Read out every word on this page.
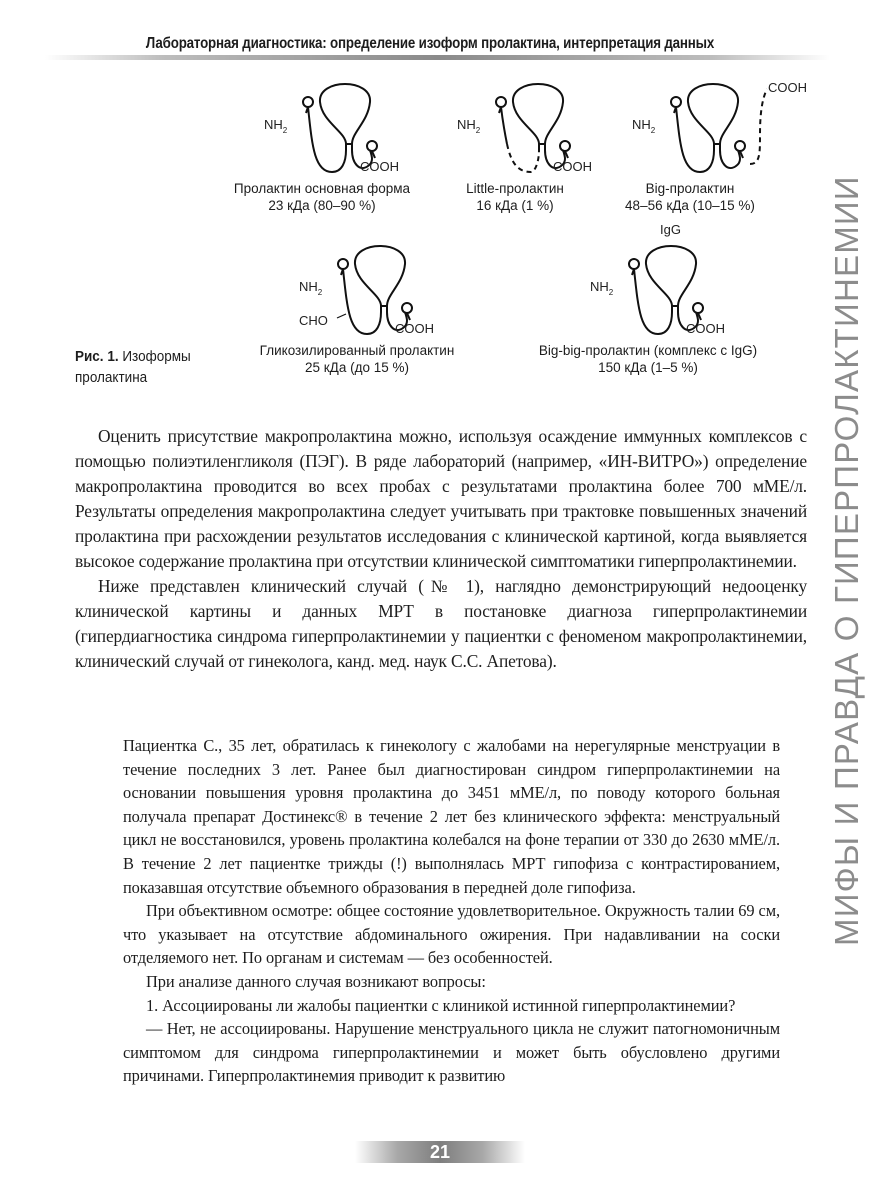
Лабораторная диагностика: определение изоформ пролактина, интерпретация данных
$NH_2$
COOH
Пролактин основная форма
23 кДа (80–90 %)
$NH_2$
COOH
Little-пролактин
16 кДа (1 %)
$NH_2$
COOH
Big-пролактин
48–56 кДа (10–15 %)
$NH_2$
CHO
COOH
Гликозилированный пролактин
25 кДа (до 15 %)
IgG
$NH_2$
COOH
Big-big-пролактин (комплекс с IgG)
150 кДа (1–5 %)
Рис. 1. Изоформы пролактина

Оценить присутствие макропролактина можно, используя осаждение иммунных комплексов с помощью полиэтиленгликоля (ПЭГ). В ряде лабораторий (например, «ИН-ВИТРО») определение макропролактина проводится во всех пробах с результатами пролактина более 700 мМЕ/л. Результаты определения макропролактина следует учитывать при трактовке повышенных значений пролактина при расхождении результатов исследования с клинической картиной, когда выявляется высокое содержание пролактина при отсутствии клинической симптоматики гиперпролактинемии.

Ниже представлен клинический случай (№ 1), наглядно демонстрирующий недооценку клинической картины и данных МРТ в постановке диагноза гиперпролактинемии (гипердиагностика синдрома гиперпролактинемии у пациентки с феноменом макропролактинемии, клинический случай от гинеколога, канд. мед. наук С.С. Апетова).

Пациентка С., 35 лет, обратилась к гинекологу с жалобами на нерегулярные менструации в течение последних 3 лет. Ранее был диагностирован синдром гиперпролактинемии на основании повышения уровня пролактина до 3451 мМЕ/л, по поводу которого больная получала препарат Достинекс® в течение 2 лет без клинического эффекта: менструальный цикл не восстановился, уровень пролактина колебался на фоне терапии от 330 до 2630 мМЕ/л. В течение 2 лет пациентке трижды (!) выполнялась МРТ гипофиза с контрастированием, показавшая отсутствие объемного образования в передней доле гипофиза.

При объективном осмотре: общее состояние удовлетворительное. Окружность талии 69 см, что указывает на отсутствие абдоминального ожирения. При надавливании на соски отделяемого нет. По органам и системам — без особенностей.

При анализе данного случая возникают вопросы:

1. Ассоциированы ли жалобы пациентки с клиникой истинной гиперпролактинемии?

— Нет, не ассоциированы. Нарушение менструального цикла не служит патогномоничным симптомом для синдрома гиперпролактинемии и может быть обусловлено другими причинами. Гиперпролактинемия приводит к развитию

МИФЫ И ПРАВДА О ГИПЕРПРОЛАКТИНЕМИИ
21
